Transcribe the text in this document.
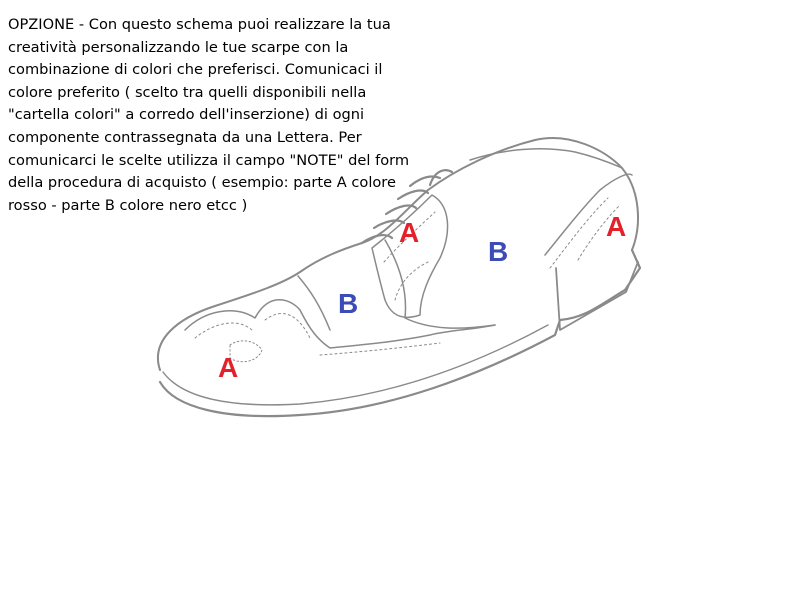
OPZIONE - Con questo schema puoi realizzare la tua
creatività personalizzando le tue scarpe con la
combinazione di colori che preferisci. Comunicaci il
colore preferito ( scelto tra quelli disponibili nella
"cartella colori" a corredo dell'inserzione) di ogni
componente contrassegnata da una Lettera. Per
comunicarci le scelte utilizza il campo "NOTE" del form
della procedura di acquisto ( esempio: parte A colore
rosso - parte B colore nero etcc )
A
B
A
B
A
